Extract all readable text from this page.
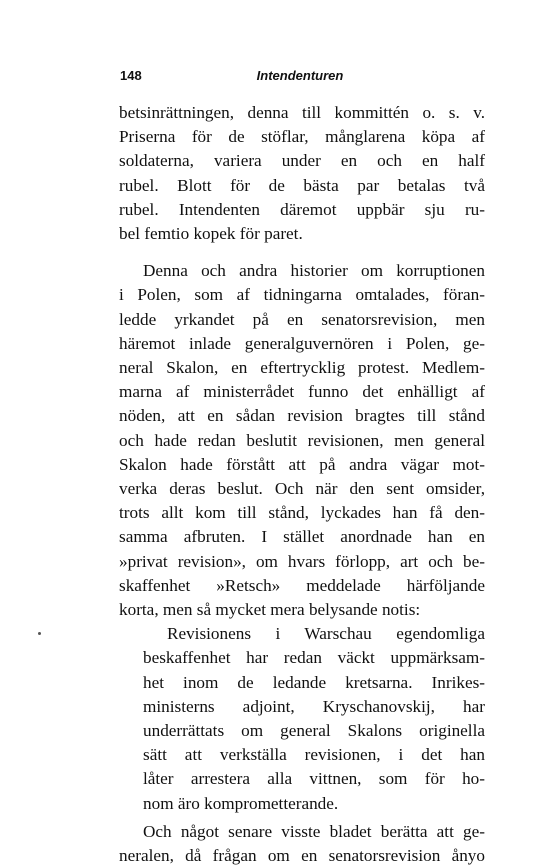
148	Intendenturen
betsinrättningen, denna till kommittén o. s. v.
Priserna för de stöflar, månglarena köpa af
soldaterna, variera under en och en half
rubel. Blott för de bästa par betalas två
rubel. Intendenten däremot uppbär sju ru-
bel femtio kopek för paret.
Denna och andra historier om korruptionen
i Polen, som af tidningarna omtalades, föran-
ledde yrkandet på en senatorsrevision, men
häremot inlade generalguvernören i Polen, ge-
neral Skalon, en eftertrycklig protest. Medlem-
marna af ministerrådet funno det enhälligt af
nöden, att en sådan revision bragtes till stånd
och hade redan beslutit revisionen, men general
Skalon hade förstått att på andra vägar mot-
verka deras beslut. Och när den sent omsider,
trots allt kom till stånd, lyckades han få den-
samma afbruten. I stället anordnade han en
»privat revision», om hvars förlopp, art och be-
skaffenhet »Retsch» meddelade härföljande
korta, men så mycket mera belysande notis:
Revisionens i Warschau egendomliga
beskaffenhet har redan väckt uppmärksam-
het inom de ledande kretsarna. Inrikes-
ministerns adjoint, Kryschanovskij, har
underrättats om general Skalons originella
sätt att verkställa revisionen, i det han
låter arrestera alla vittnen, som för ho-
nom äro komprometterande.
Och något senare visste bladet berätta att ge-
neralen, då frågan om en senatorsrevision ånyo
